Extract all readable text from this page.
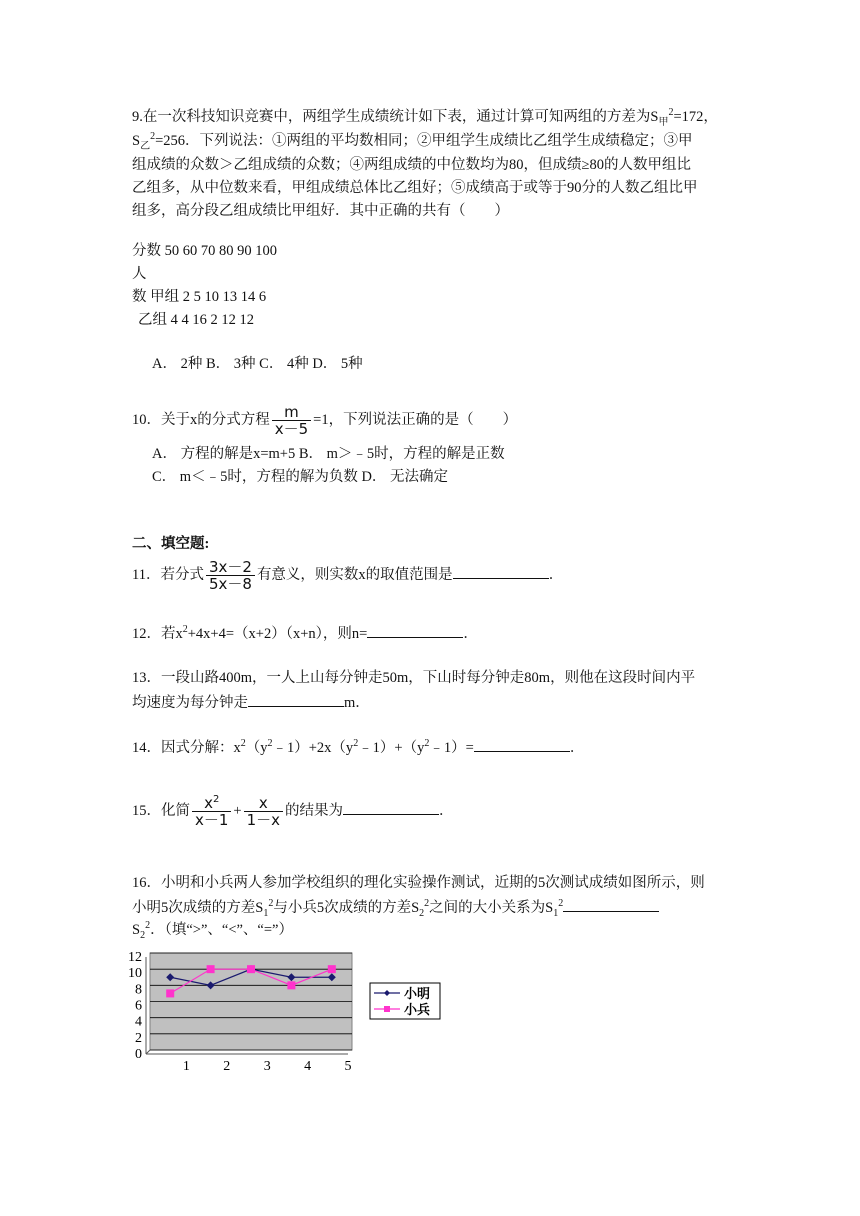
9.在一次科技知识竞赛中，两组学生成绩统计如下表，通过计算可知两组的方差为$S_甲^2=172$，
$S_乙^2=256$．下列说法：①两组的平均数相同；②甲组学生成绩比乙组学生成绩稳定；③甲
组成绩的众数＞乙组成绩的众数；④两组成绩的中位数均为80，但成绩≥80的人数甲组比
乙组多，从中位数来看，甲组成绩总体比乙组好；⑤成绩高于或等于90分的人数乙组比甲
组多，高分段乙组成绩比甲组好．其中正确的共有（　　）
分数 50 60 70 80 90 100
人
数 甲组 2 5 10 13 14 6
乙组 4 4 16 2 12 12
A． 2种 B． 3种 C． 4种 D． 5种
10．关于x的分式方程 $\frac{m}{x-5} =1$，下列说法正确的是（　　）
A． 方程的解是x=m+5 B． m＞﹣5时，方程的解是正数
C． m＜﹣5时，方程的解为负数 D． 无法确定
二、填空题:
11．若分式 $\frac{3x-2}{5x-8}$ 有意义，则实数x的取值范围是	．
12．若$x^2+4x+4=(x+2)(x+n)$，则n=	．
13．一段山路400m，一人上山每分钟走50m，下山时每分钟走80m，则他在这段时间内平
均速度为每分钟走	m．
14．因式分解：$x^2(y^2﹣1)+2x(y^2﹣1)+(y^2﹣1)=$	．
15．化简 $\frac{x^2}{x-1} + \frac{x}{1-x}$ 的结果为	．
16．小明和小兵两人参加学校组织的理化实验操作测试，近期的5次测试成绩如图所示，则
小明5次成绩的方差$S_1^2$与小兵5次成绩的方差$S_2^2$之间的大小关系为$S_1^2$
$S_2^2$．（填“>”、“<”、“=”）
0
2
4
6
8
10
12
1 2 3 4 5
小明
小兵
